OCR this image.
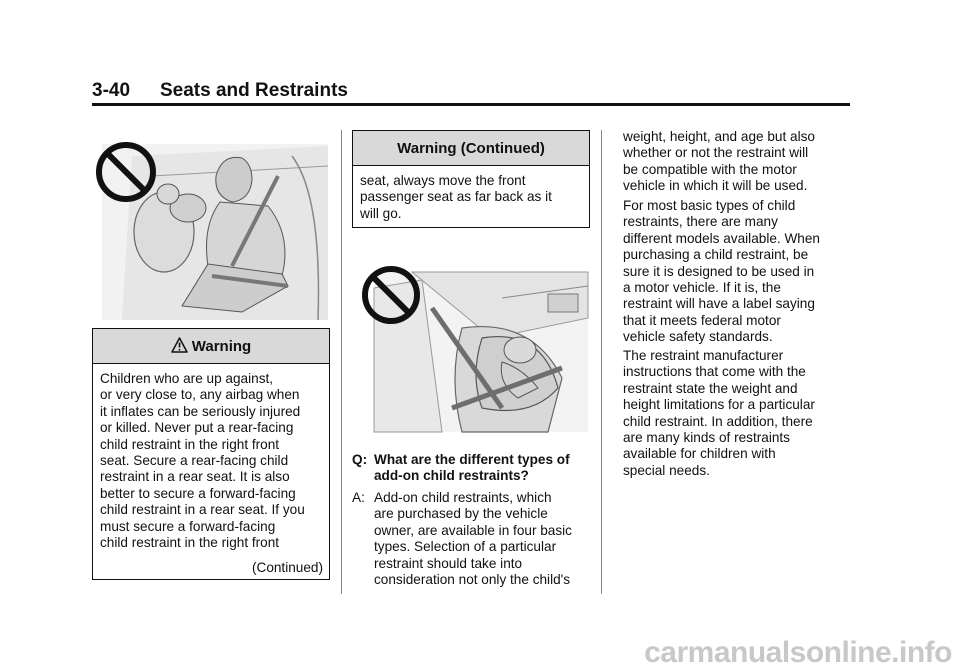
3-40 Seats and Restraints
Warning
Children who are up against,
or very close to, any airbag when
it inflates can be seriously injured
or killed. Never put a rear-facing
child restraint in the right front
seat. Secure a rear-facing child
restraint in a rear seat. It is also
better to secure a forward-facing
child restraint in a rear seat. If you
must secure a forward-facing
child restraint in the right front
(Continued)
Warning (Continued)
seat, always move the front
passenger seat as far back as it
will go.
Q: What are the different types of
add-on child restraints?
A: Add-on child restraints, which
are purchased by the vehicle
owner, are available in four basic
types. Selection of a particular
restraint should take into
consideration not only the child's
weight, height, and age but also
whether or not the restraint will
be compatible with the motor
vehicle in which it will be used.
For most basic types of child
restraints, there are many
different models available. When
purchasing a child restraint, be
sure it is designed to be used in
a motor vehicle. If it is, the
restraint will have a label saying
that it meets federal motor
vehicle safety standards.
The restraint manufacturer
instructions that come with the
restraint state the weight and
height limitations for a particular
child restraint. In addition, there
are many kinds of restraints
available for children with
special needs.
carmanualsonline.info
